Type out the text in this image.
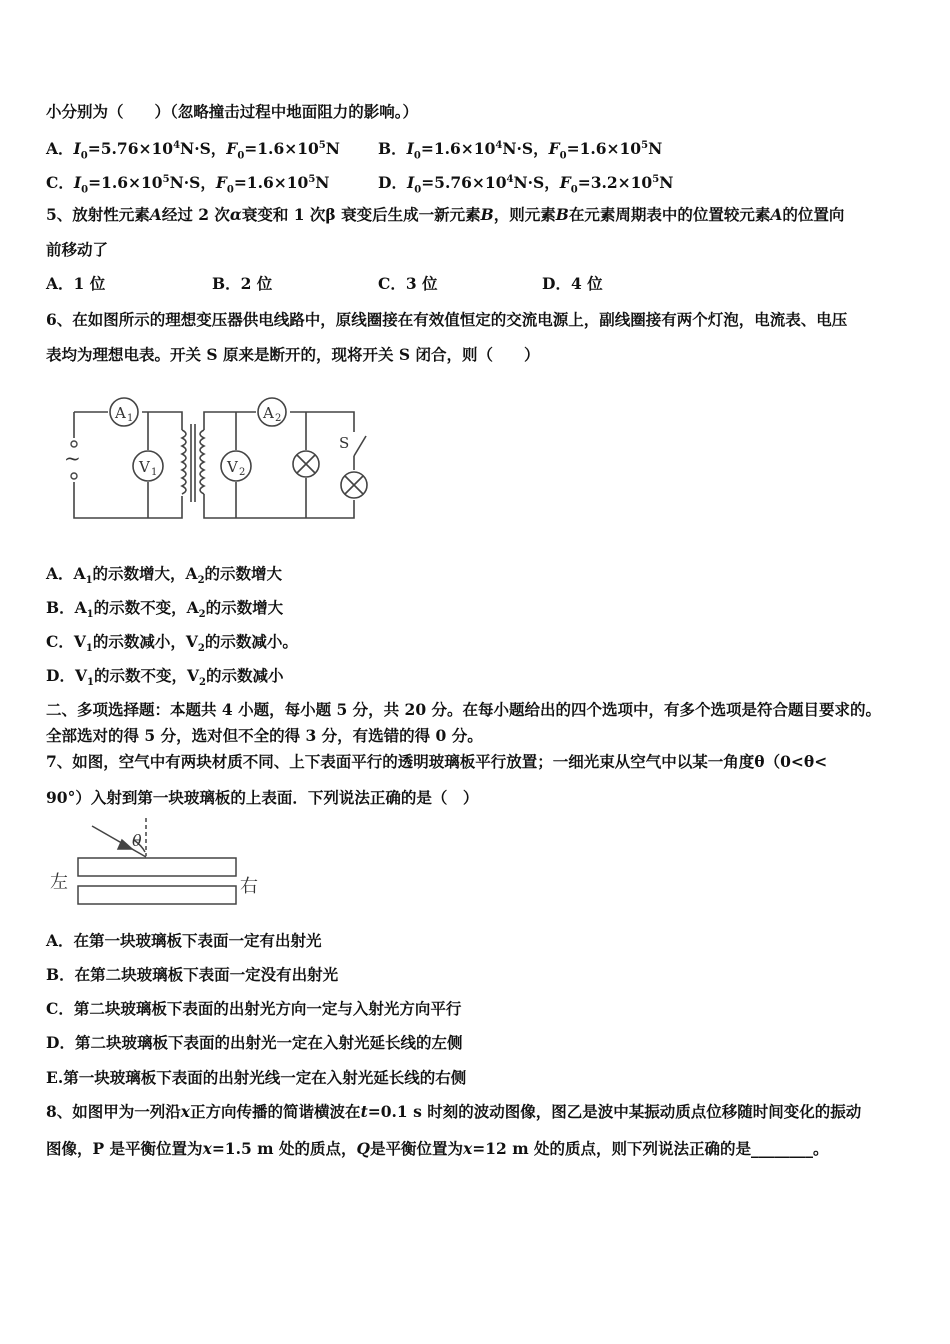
小分别为（　　）（忽略撞击过程中地面阻力的影响。）
A．$I_0=5.76\times 10^4N\cdot S$，$F_0=1.6\times 10^5N$ B．$I_0=1.6\times 10^4N\cdot S$，$F_0=1.6\times 10^5N$
C．$I_0=1.6\times 10^5N\cdot S$，$F_0=1.6\times 10^5N$	D．$I_0=5.76\times 10^4N\cdot S$，$F_0=3.2\times 10^5N$
5、放射性元素A经过 2 次α衰变和 1 次β 衰变后生成一新元素B，则元素B在元素周期表中的位置较元素A的位置向
前移动了
A．1 位	B．2 位	C．3 位	D．4 位
6、在如图所示的理想变压器供电线路中，原线圈接在有效值恒定的交流电源上，副线圈接有两个灯泡，电流表、电压
表均为理想电表。开关 S 原来是断开的，现将开关 S 闭合，则（　　）
~
A 1	A 2
V 1	V 2
S
A．$A_1$的示数增大，$A_2$的示数增大
B．$A_1$的示数不变，$A_2$的示数增大
C．$V_1$的示数减小，$V_2$的示数减小。
D．$V_1$的示数不变，$V_2$的示数减小
二、多项选择题：本题共 4 小题，每小题 5 分，共 20 分。在每小题给出的四个选项中，有多个选项是符合题目要求的。
全部选对的得 5 分，选对但不全的得 3 分，有选错的得 0 分。
7、如图，空气中有两块材质不同、上下表面平行的透明玻璃板平行放置；一细光束从空气中以某一角度θ（0<θ<
90°）入射到第一块玻璃板的上表面．下列说法正确的是（　）
θ
左	右
A．在第一块玻璃板下表面一定有出射光
B．在第二块玻璃板下表面一定没有出射光
C．第二块玻璃板下表面的出射光方向一定与入射光方向平行
D．第二块玻璃板下表面的出射光一定在入射光延长线的左侧
E.第一块玻璃板下表面的出射光线一定在入射光延长线的右侧
8、如图甲为一列沿x正方向传播的简谐横波在t=0.1 s 时刻的波动图像，图乙是波中某振动质点位移随时间变化的振动
图像，P 是平衡位置为x=1.5 m 处的质点，Q是平衡位置为x=12 m 处的质点，则下列说法正确的是________。
